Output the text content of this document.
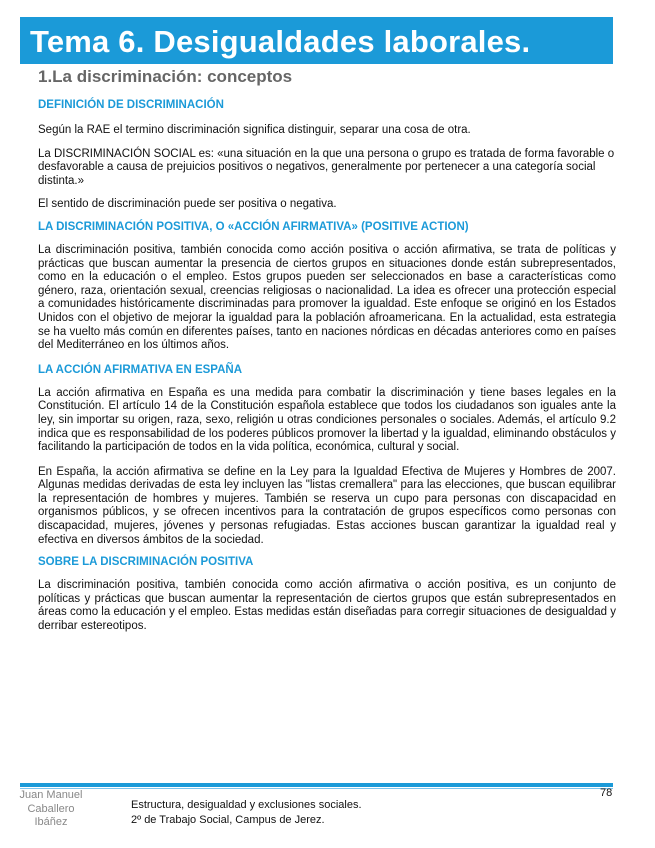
Tema 6. Desigualdades laborales.
1.La discriminación: conceptos
DEFINICIÓN DE DISCRIMINACIÓN

Según la RAE el termino discriminación significa distinguir, separar una cosa de otra.

La DISCRIMINACIÓN SOCIAL es: «una situación en la que una persona o grupo es tratada de forma favorable o desfavorable a causa de prejuicios positivos o negativos, generalmente por pertenecer a una categoría social distinta.»

El sentido de discriminación puede ser positiva o negativa.

LA DISCRIMINACIÓN POSITIVA, O «ACCIÓN AFIRMATIVA» (POSITIVE ACTION)

La discriminación positiva, también conocida como acción positiva o acción afirmativa, se trata de políticas y prácticas que buscan aumentar la presencia de ciertos grupos en situaciones donde están subrepresentados, como en la educación o el empleo. Estos grupos pueden ser seleccionados en base a características como género, raza, orientación sexual, creencias religiosas o nacionalidad. La idea es ofrecer una protección especial a comunidades históricamente discriminadas para promover la igualdad. Este enfoque se originó en los Estados Unidos con el objetivo de mejorar la igualdad para la población afroamericana. En la actualidad, esta estrategia se ha vuelto más común en diferentes países, tanto en naciones nórdicas en décadas anteriores como en países del Mediterráneo en los últimos años.

LA ACCIÓN AFIRMATIVA EN ESPAÑA

La acción afirmativa en España es una medida para combatir la discriminación y tiene bases legales en la Constitución. El artículo 14 de la Constitución española establece que todos los ciudadanos son iguales ante la ley, sin importar su origen, raza, sexo, religión u otras condiciones personales o sociales. Además, el artículo 9.2 indica que es responsabilidad de los poderes públicos promover la libertad y la igualdad, eliminando obstáculos y facilitando la participación de todos en la vida política, económica, cultural y social.

En España, la acción afirmativa se define en la Ley para la Igualdad Efectiva de Mujeres y Hombres de 2007. Algunas medidas derivadas de esta ley incluyen las "listas cremallera" para las elecciones, que buscan equilibrar la representación de hombres y mujeres. También se reserva un cupo para personas con discapacidad en organismos públicos, y se ofrecen incentivos para la contratación de grupos específicos como personas con discapacidad, mujeres, jóvenes y personas refugiadas. Estas acciones buscan garantizar la igualdad real y efectiva en diversos ámbitos de la sociedad.

SOBRE LA DISCRIMINACIÓN POSITIVA

La discriminación positiva, también conocida como acción afirmativa o acción positiva, es un conjunto de políticas y prácticas que buscan aumentar la representación de ciertos grupos que están subrepresentados en áreas como la educación y el empleo. Estas medidas están diseñadas para corregir situaciones de desigualdad y derribar estereotipos.

Juan Manuel
Caballero
Ibáñez
Estructura, desigualdad y exclusiones sociales.
2º de Trabajo Social, Campus de Jerez.
78
